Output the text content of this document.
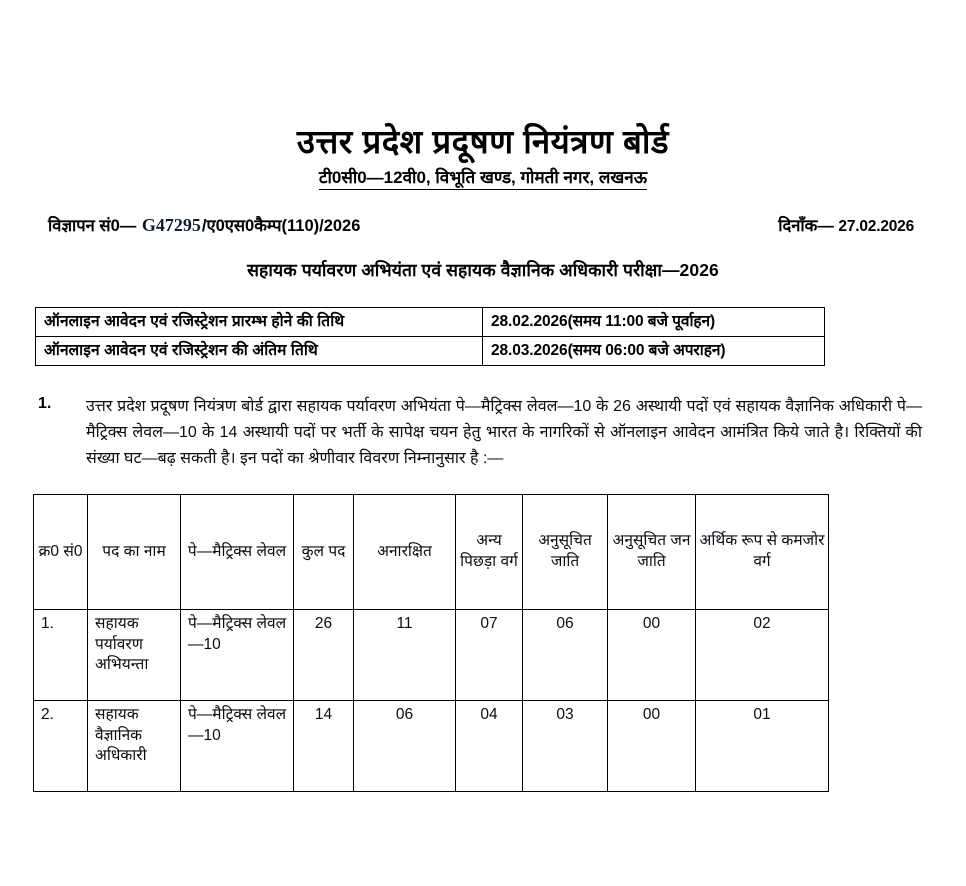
उत्तर प्रदेश प्रदूषण नियंत्रण बोर्ड
टी0सी0—12वी0, विभूति खण्ड, गोमती नगर, लखनऊ
विज्ञापन सं0— G47295/ए0एस0कैम्प(110)/2026	दिनॉंक— 27.02.2026
सहायक पर्यावरण अभियंता एवं सहायक वैज्ञानिक अधिकारी परीक्षा—2026
ऑनलाइन आवेदन एवं रजिस्ट्रेशन प्रारम्भ होने की तिथि	28.02.2026(समय 11:00 बजे पूर्वाहन)
ऑनलाइन आवेदन एवं रजिस्ट्रेशन की अंतिम तिथि	28.03.2026(समय 06:00 बजे अपराहन)
1.	उत्तर प्रदेश प्रदूषण नियंत्रण बोर्ड द्वारा सहायक पर्यावरण अभियंता पे—मैट्रिक्स लेवल—10 के 26 अस्थायी पदों एवं सहायक वैज्ञानिक अधिकारी पे—मैट्रिक्स लेवल—10 के 14 अस्थायी पदों पर भर्ती के सापेक्ष चयन हेतु भारत के नागरिकों से ऑनलाइन आवेदन आमंत्रित किये जाते है। रिक्तियों की संख्या घट—बढ़ सकती है। इन पदों का श्रेणीवार विवरण निम्नानुसार है :—
क्र0 सं0	पद का नाम	पे—मैट्रिक्स लेवल	कुल पद	अनारक्षित	अन्य पिछड़ा वर्ग	अनुसूचित जाति	अनुसूचित जन जाति	अर्थिक रूप से कमजोर वर्ग
1.	सहायक पर्यावरण अभियन्ता	पे—मैट्रिक्स लेवल—10	26	11	07	06	00	02
2.	सहायक वैज्ञानिक अधिकारी	पे—मैट्रिक्स लेवल—10	14	06	04	03	00	01
